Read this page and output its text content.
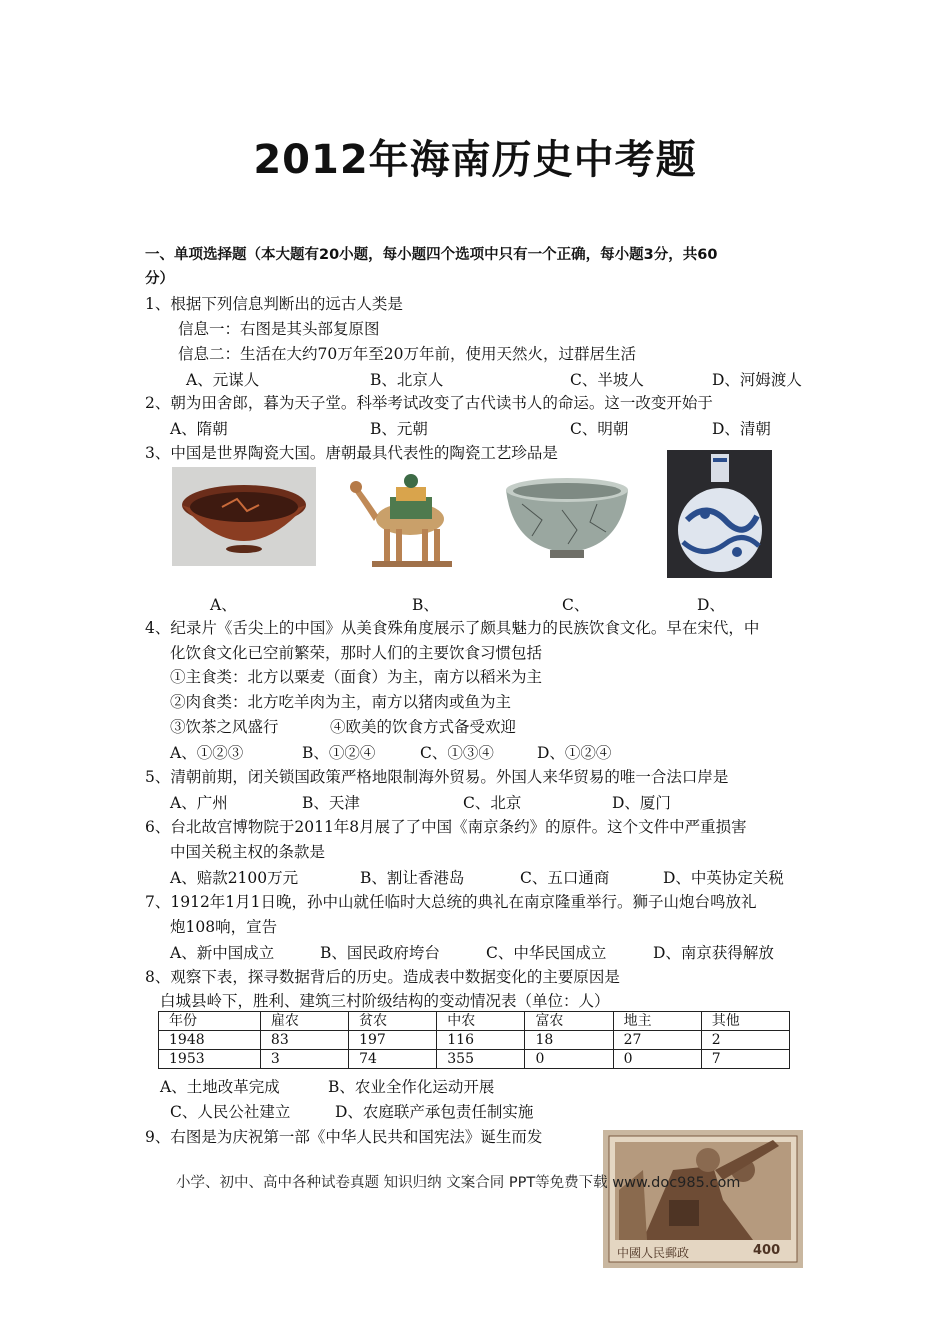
2012年海南历史中考题
一、单项选择题（本大题有20小题，每小题四个选项中只有一个正确，每小题3分，共60
分）
1、根据下列信息判断出的远古人类是
信息一：右图是其头部复原图
信息二：生活在大约70万年至20万年前，使用天然火，过群居生活
A、元谋人	B、北京人	C、半坡人	D、河姆渡人
2、朝为田舍郎，暮为天子堂。科举考试改变了古代读书人的命运。这一改变开始于
A、隋朝	B、元朝	C、明朝	D、清朝
3、中国是世界陶瓷大国。唐朝最具代表性的陶瓷工艺珍品是
A、	B、	C、	D、
4、纪录片《舌尖上的中国》从美食殊角度展示了颇具魅力的民族饮食文化。早在宋代，中
化饮食文化已空前繁荣，那时人们的主要饮食习惯包括
①主食类：北方以粟麦（面食）为主，南方以稻米为主
②肉食类：北方吃羊肉为主，南方以猪肉或鱼为主
③饮茶之风盛行	④欧美的饮食方式备受欢迎
A、①②③	B、①②④	C、①③④	D、①②④
5、清朝前期，闭关锁国政策严格地限制海外贸易。外国人来华贸易的唯一合法口岸是
A、广州	B、天津	C、北京	D、厦门
6、台北故宫博物院于2011年8月展了了中国《南京条约》的原件。这个文件中严重损害
中国关税主权的条款是
A、赔款2100万元	B、割让香港岛	C、五口通商	D、中英协定关税
7、1912年1月1日晚，孙中山就任临时大总统的典礼在南京隆重举行。狮子山炮台鸣放礼
炮108响，宣告
A、新中国成立	B、国民政府垮台	C、中华民国成立	D、南京获得解放
8、观察下表，探寻数据背后的历史。造成表中数据变化的主要原因是
白城县岭下，胜利、建筑三村阶级结构的变动情况表（单位：人）
年份	雇农	贫农	中农	富农	地主	其他
1948	83	197	116	18	27	2
1953	3	74	355	0	0	7
A、土地改革完成	B、农业全作化运动开展
C、人民公社建立	D、农庭联产承包责任制实施
9、右图是为庆祝第一部《中华人民共和国宪法》诞生而发
中國人民郵政	400
小学、初中、高中各种试卷真题 知识归纳 文案合同 PPT等免费下载 www.doc985.com
